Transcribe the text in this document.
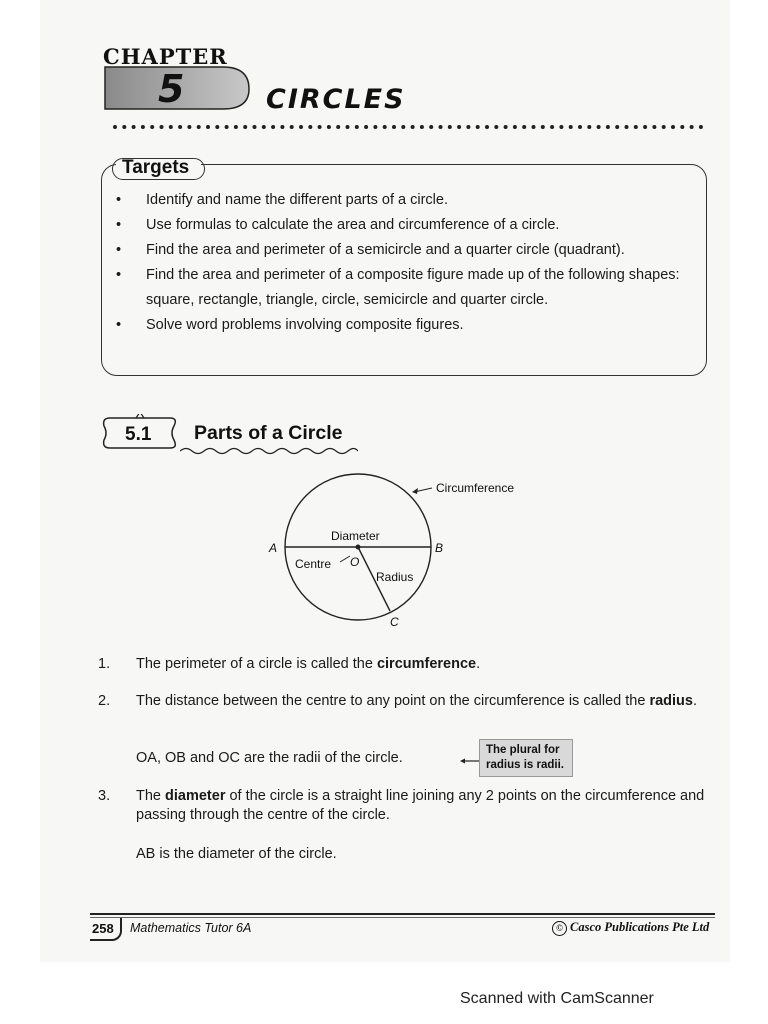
CHAPTER
5	CIRCLES
Targets
• Identify and name the different parts of a circle.
• Use formulas to calculate the area and circumference of a circle.
• Find the area and perimeter of a semicircle and a quarter circle (quadrant).
• Find the area and perimeter of a composite figure made up of the following shapes: square, rectangle, triangle, circle, semicircle and quarter circle.
• Solve word problems involving composite figures.
5.1 Parts of a Circle
Circumference
Diameter
Centre O
Radius
A	B
C
1.	The perimeter of a circle is called the circumference.
2.	The distance between the centre to any point on the circumference is called the radius.
OA, OB and OC are the radii of the circle.	The plural for radius is radii.
3.	The diameter of the circle is a straight line joining any 2 points on the circumference and passing through the centre of the circle.
AB is the diameter of the circle.
258	Mathematics Tutor 6A	© Casco Publications Pte Ltd
Scanned with CamScanner
